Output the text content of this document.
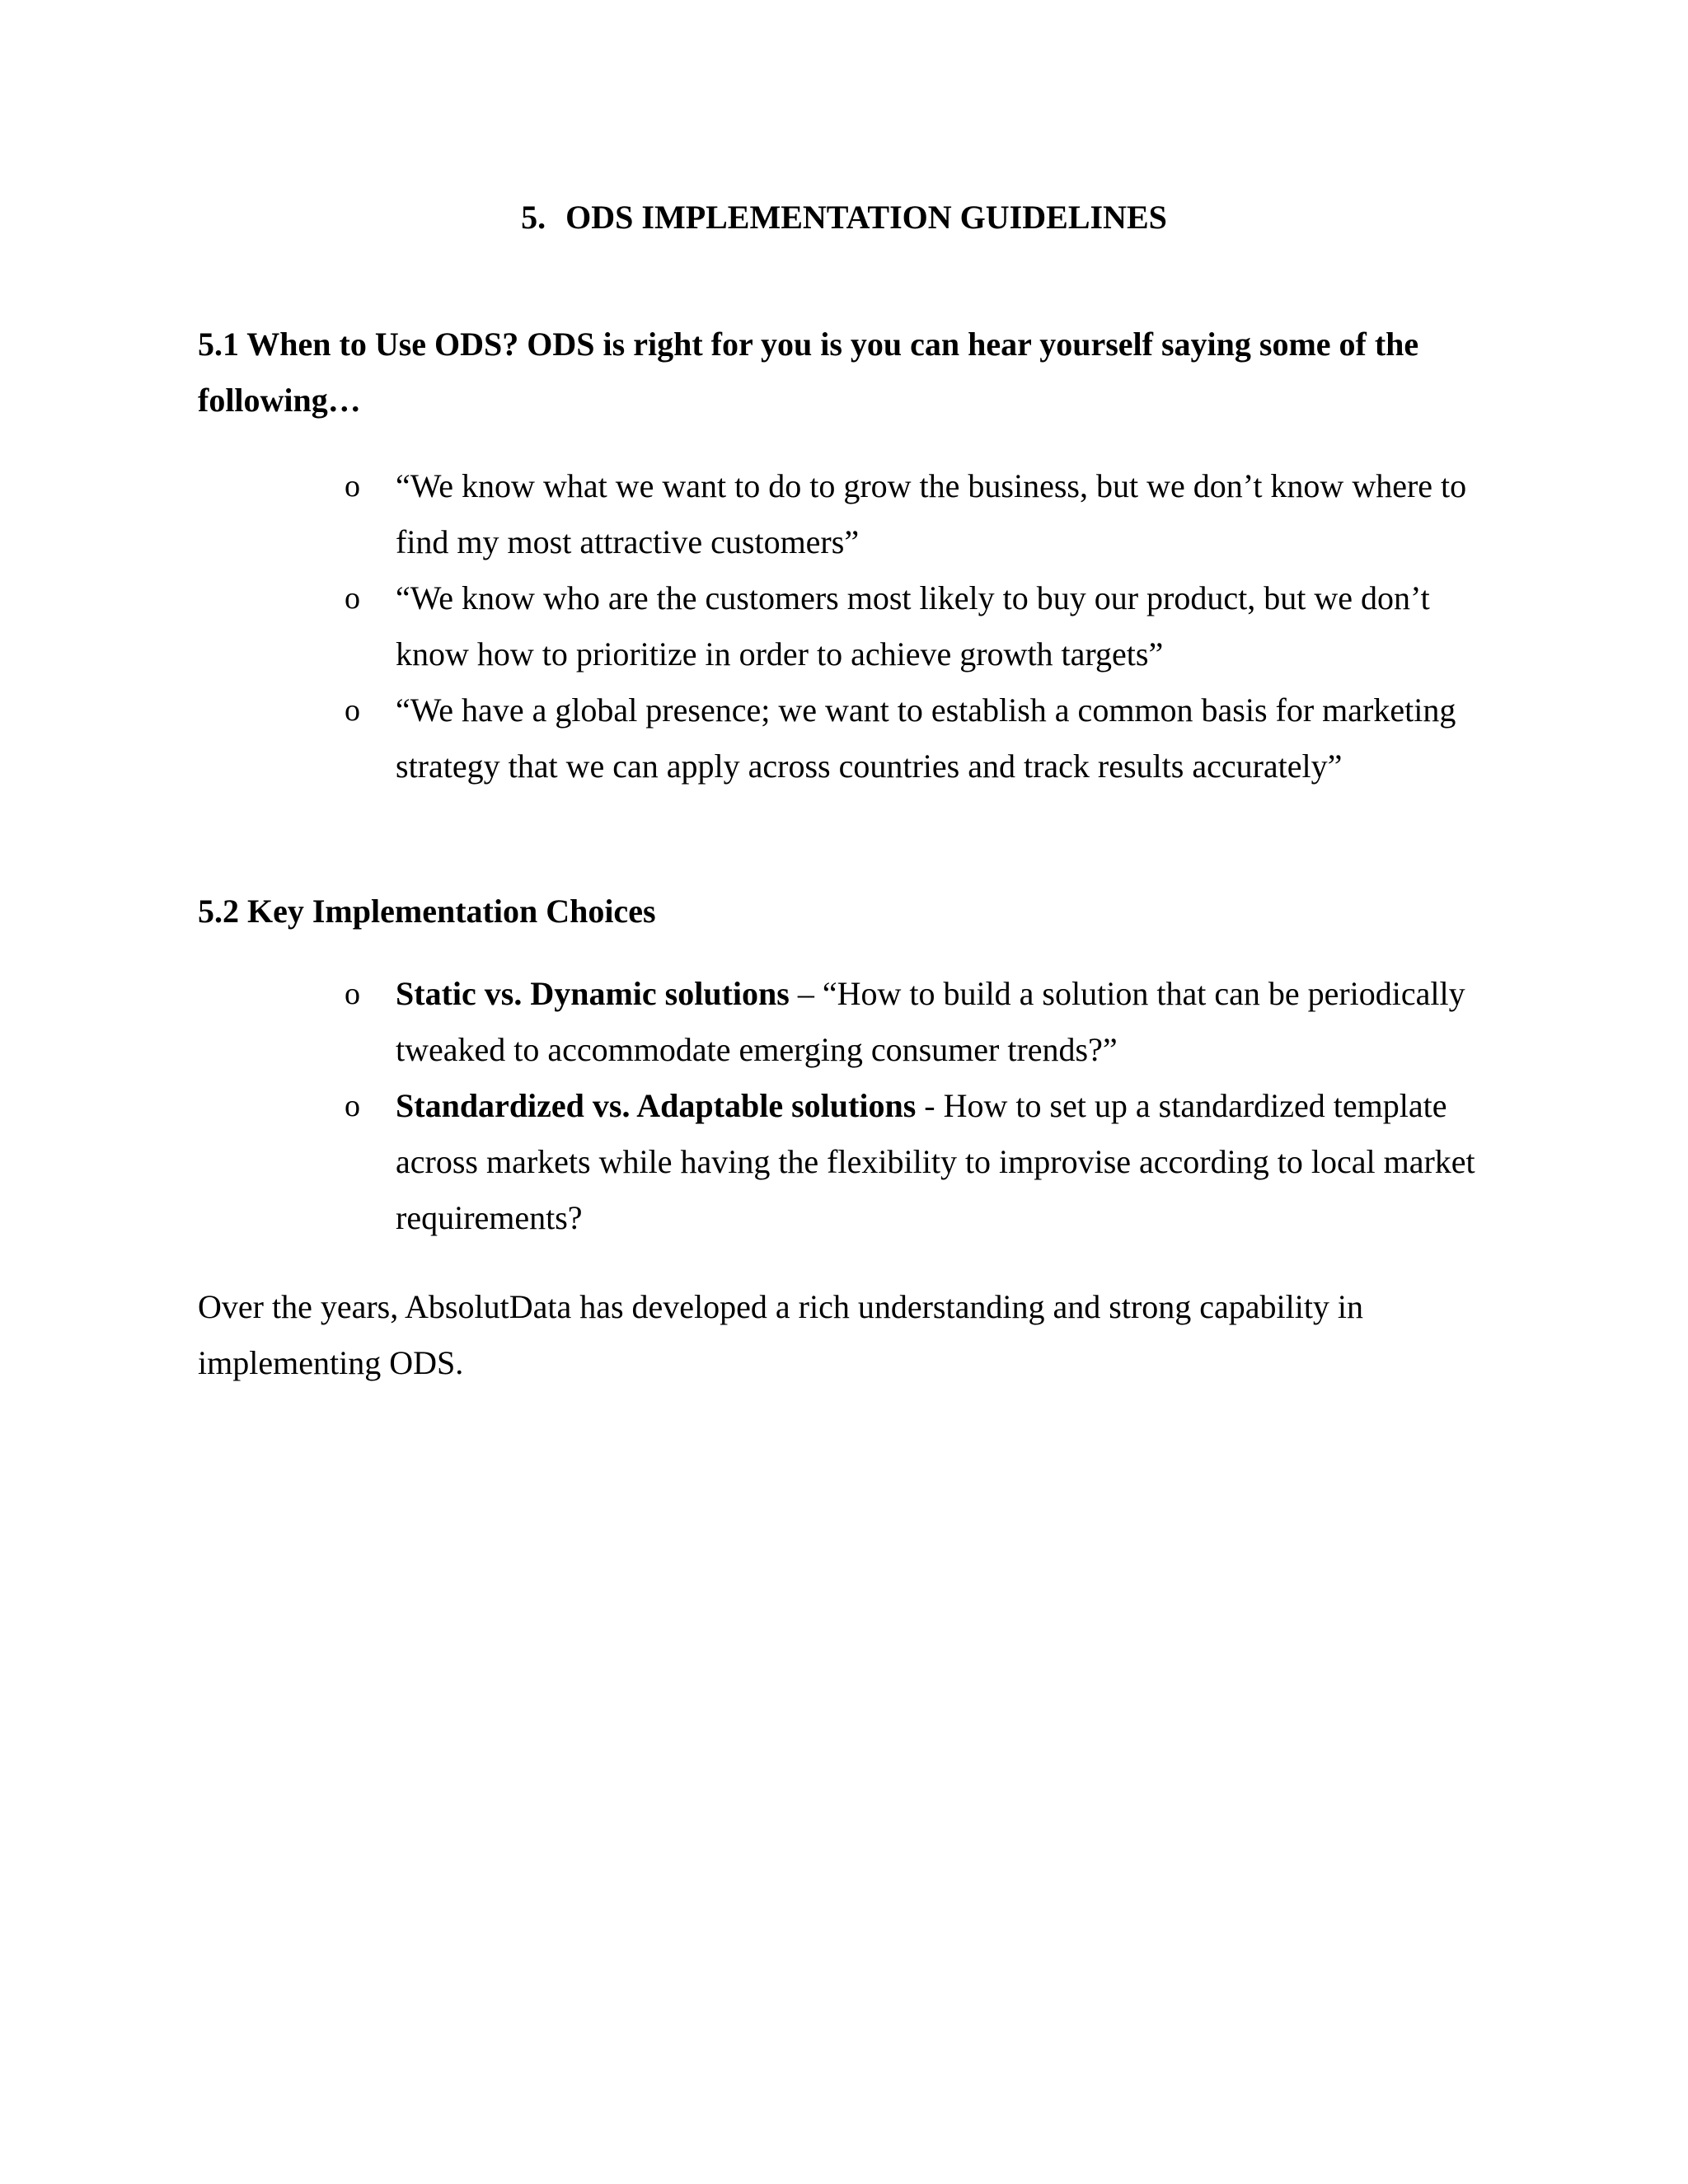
5. ODS IMPLEMENTATION GUIDELINES
5.1 When to Use ODS? ODS is right for you is you can hear yourself saying some of the following…
o “We know what we want to do to grow the business, but we don’t know where to find my most attractive customers”
o “We know who are the customers most likely to buy our product, but we don’t know how to prioritize in order to achieve growth targets”
o “We have a global presence; we want to establish a common basis for marketing strategy that we can apply across countries and track results accurately”
5.2 Key Implementation Choices
o Static vs. Dynamic solutions – “How to build a solution that can be periodically tweaked to accommodate emerging consumer trends?”
o Standardized vs. Adaptable solutions - How to set up a standardized template across markets while having the flexibility to improvise according to local market requirements?
Over the years, AbsolutData has developed a rich understanding and strong capability in implementing ODS.
